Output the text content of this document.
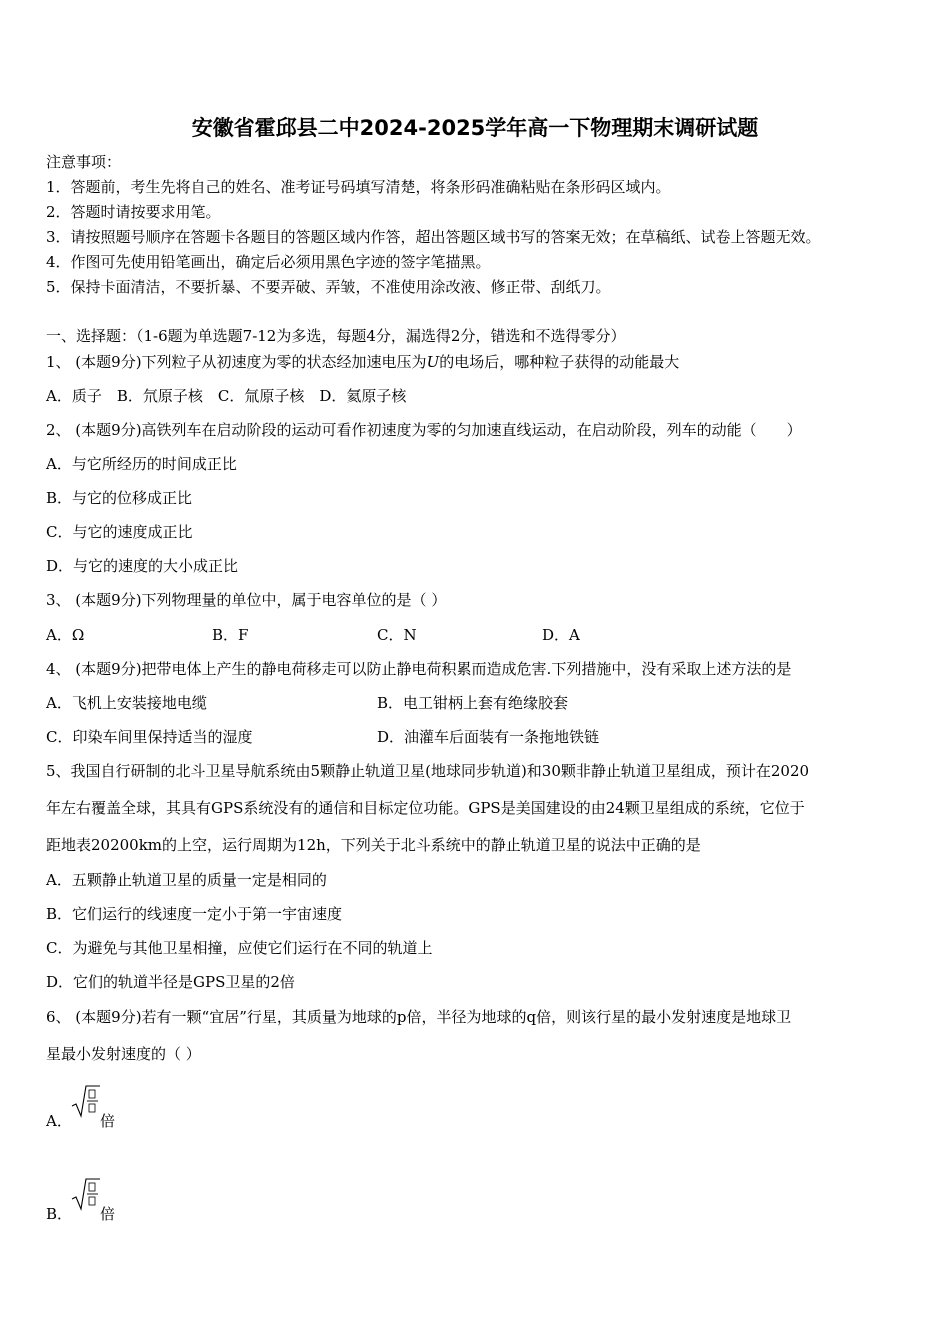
安徽省霍邱县二中2024-2025学年高一下物理期末调研试题
注意事项：
1．答题前，考生先将自己的姓名、准考证号码填写清楚，将条形码准确粘贴在条形码区域内。
2．答题时请按要求用笔。
3．请按照题号顺序在答题卡各题目的答题区域内作答，超出答题区域书写的答案无效；在草稿纸、试卷上答题无效。
4．作图可先使用铅笔画出，确定后必须用黑色字迹的签字笔描黑。
5．保持卡面清洁，不要折暴、不要弄破、弄皱，不准使用涂改液、修正带、刮纸刀。
一、选择题：（1-6题为单选题7-12为多选，每题4分，漏选得2分，错选和不选得零分）
1、 (本题9分)下列粒子从初速度为零的状态经加速电压为U的电场后，哪种粒子获得的动能最大
A．质子　B．氘原子核　C．氚原子核　D．氦原子核
2、 (本题9分)高铁列车在启动阶段的运动可看作初速度为零的匀加速直线运动，在启动阶段，列车的动能（　　）
A．与它所经历的时间成正比
B．与它的位移成正比
C．与它的速度成正比
D．与它的速度的大小成正比
3、 (本题9分)下列物理量的单位中，属于电容单位的是（ ）
A．Ω	B．F	C．N	D．A
4、 (本题9分)把带电体上产生的静电荷移走可以防止静电荷积累而造成危害.下列措施中，没有采取上述方法的是
A．飞机上安装接地电缆	B．电工钳柄上套有绝缘胶套
C．印染车间里保持适当的湿度	D．油灌车后面装有一条拖地铁链
5、我国自行研制的北斗卫星导航系统由5颗静止轨道卫星(地球同步轨道)和30颗非静止轨道卫星组成，预计在2020
年左右覆盖全球，其具有GPS系统没有的通信和目标定位功能。GPS是美国建设的由24颗卫星组成的系统，它位于
距地表20200km的上空，运行周期为12h，下列关于北斗系统中的静止轨道卫星的说法中正确的是
A．五颗静止轨道卫星的质量一定是相同的
B．它们运行的线速度一定小于第一宇宙速度
C．为避免与其他卫星相撞，应使它们运行在不同的轨道上
D．它们的轨道半径是GPS卫星的2倍
6、 (本题9分)若有一颗“宜居”行星，其质量为地球的p倍，半径为地球的q倍，则该行星的最小发射速度是地球卫
星最小发射速度的（ ）
A． 倍
B． 倍
